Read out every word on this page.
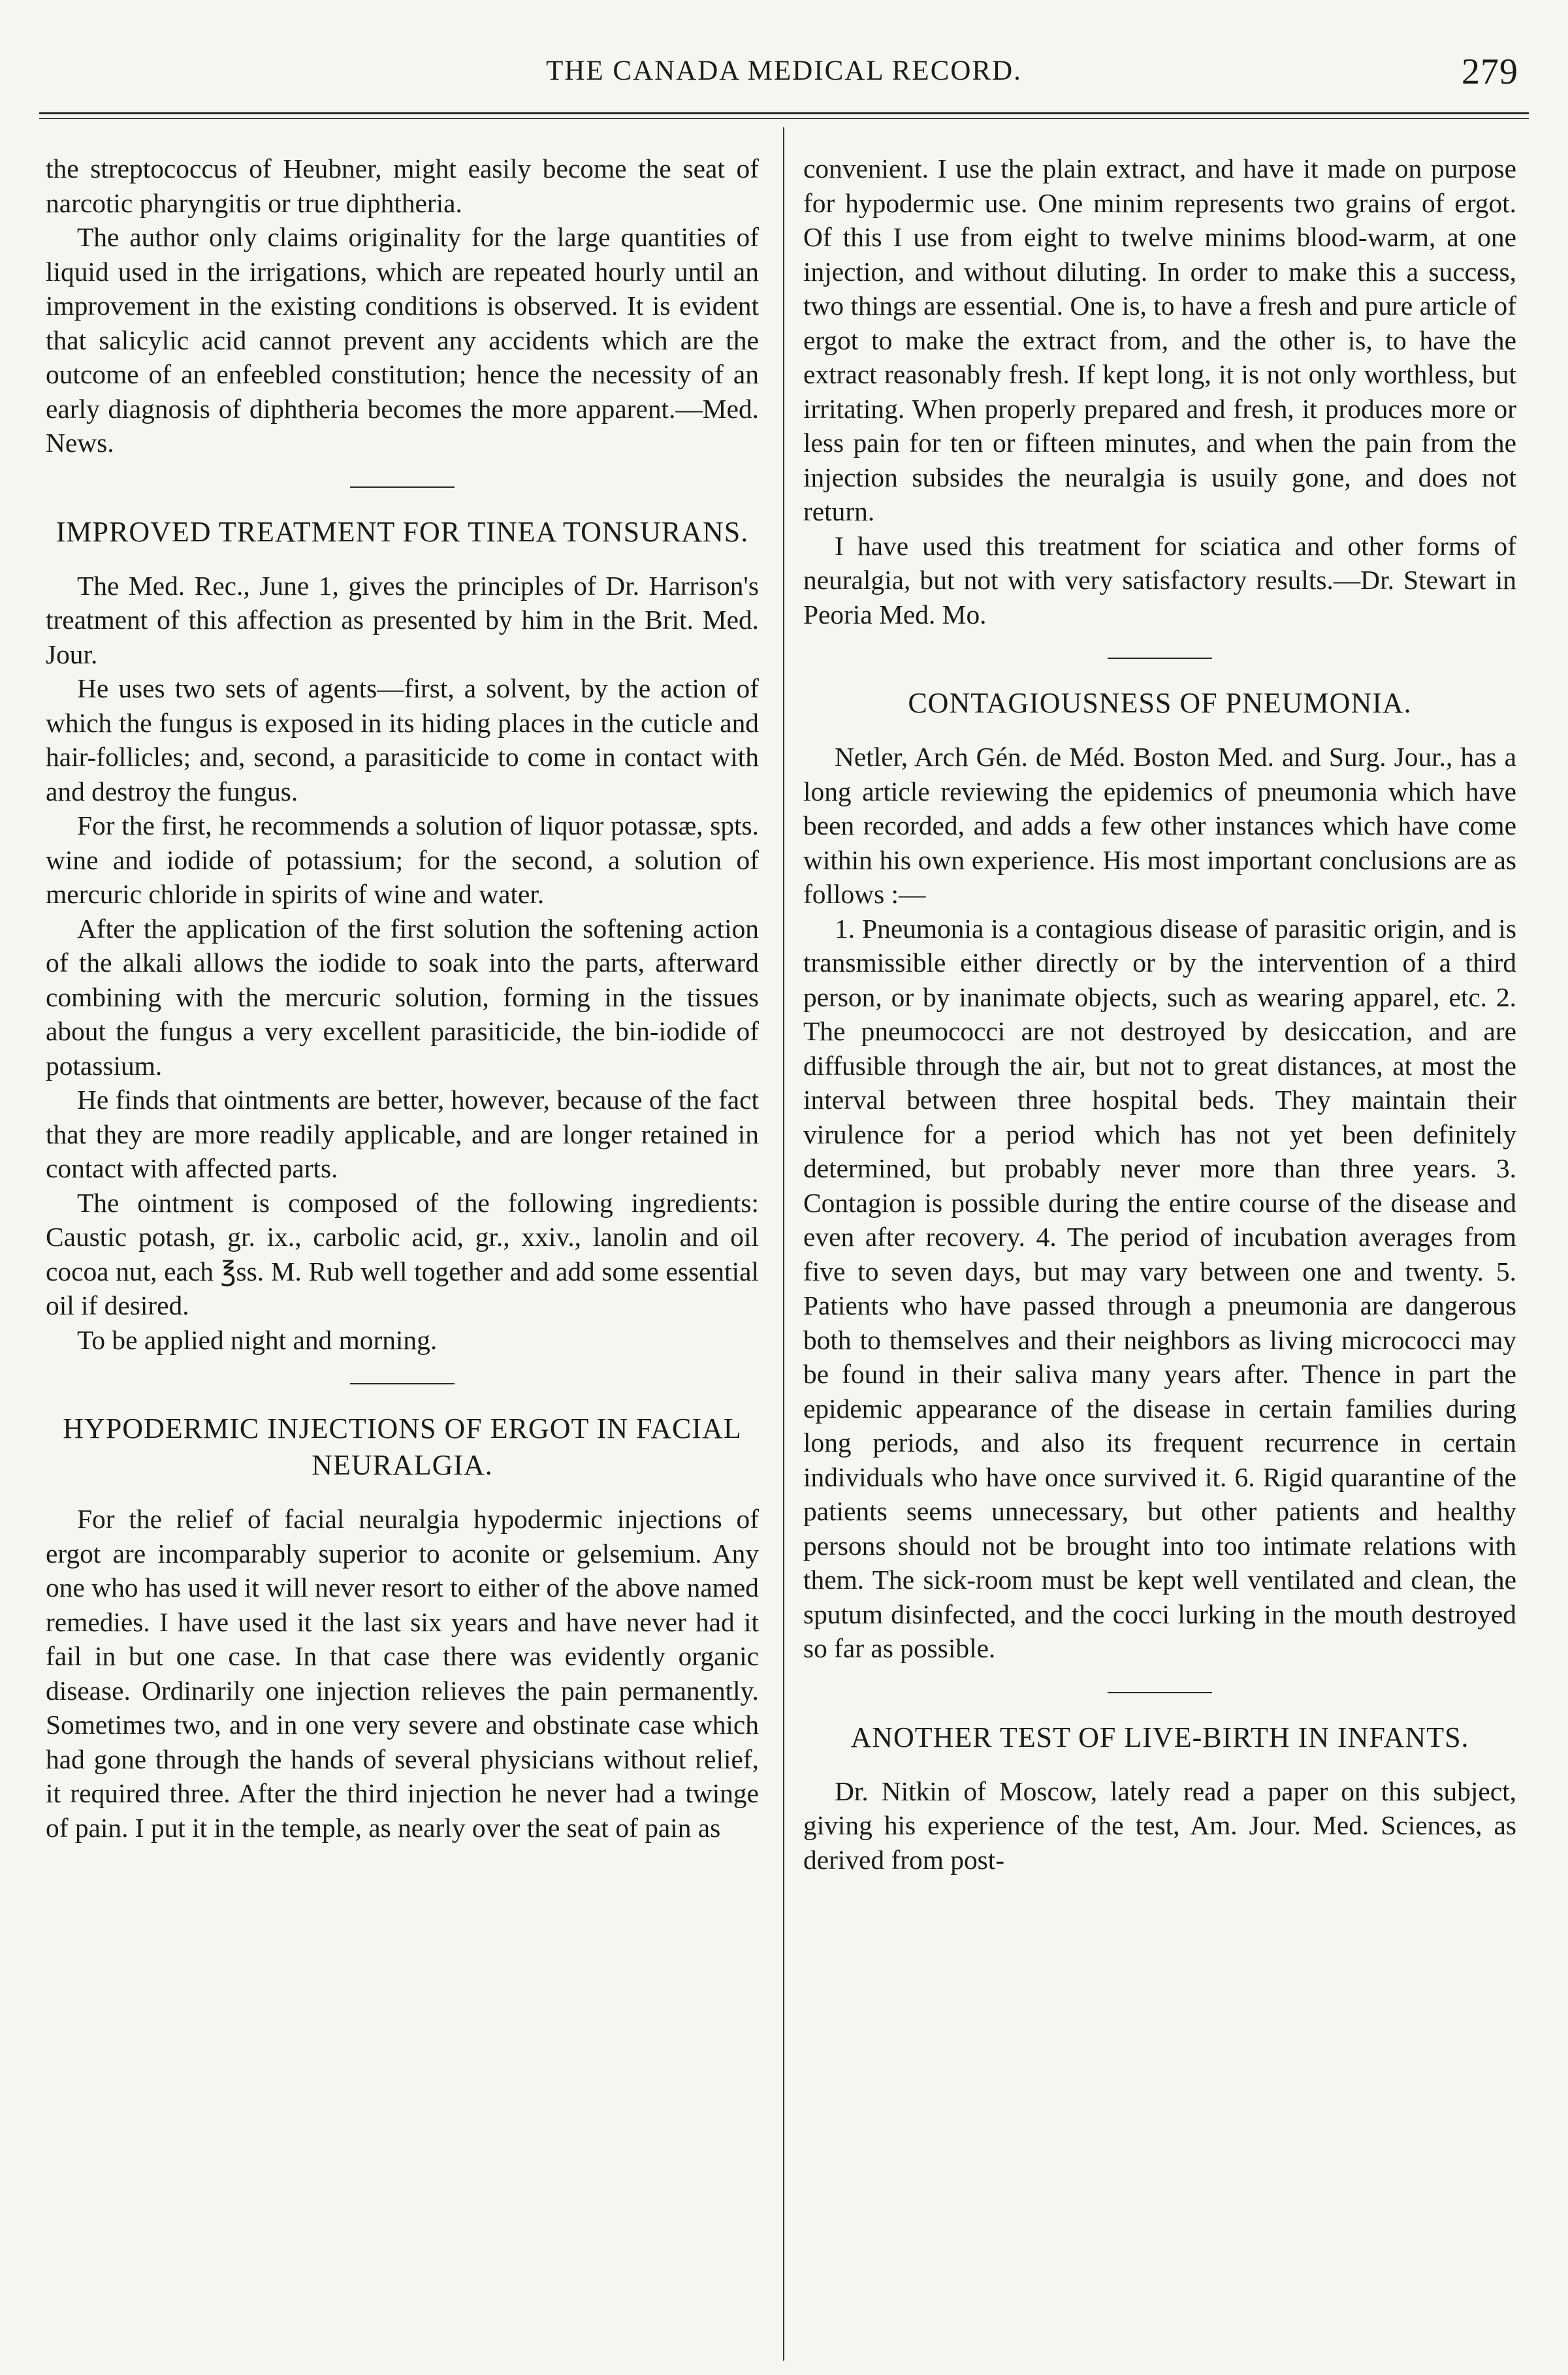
THE CANADA MEDICAL RECORD.	279

the streptococcus of Heubner, might easily become the seat of narcotic pharyngitis or true diphtheria.

The author only claims originality for the large quantities of liquid used in the irrigations, which are repeated hourly until an improvement in the existing conditions is observed. It is evident that salicylic acid cannot prevent any accidents which are the outcome of an enfeebled constitution; hence the necessity of an early diagnosis of diphtheria becomes the more apparent.—Med. News.

IMPROVED TREATMENT FOR TINEA TONSURANS.

The Med. Rec., June 1, gives the principles of Dr. Harrison's treatment of this affection as presented by him in the Brit. Med. Jour.

He uses two sets of agents—first, a solvent, by the action of which the fungus is exposed in its hiding places in the cuticle and hair-follicles; and, second, a parasiticide to come in contact with and destroy the fungus.

For the first, he recommends a solution of liquor potassæ, spts. wine and iodide of potassium; for the second, a solution of mercuric chloride in spirits of wine and water.

After the application of the first solution the softening action of the alkali allows the iodide to soak into the parts, afterward combining with the mercuric solution, forming in the tissues about the fungus a very excellent parasiticide, the bin-iodide of potassium.

He finds that ointments are better, however, because of the fact that they are more readily applicable, and are longer retained in contact with affected parts.

The ointment is composed of the following ingredients: Caustic potash, gr. ix., carbolic acid, gr., xxiv., lanolin and oil cocoa nut, each ℥ss. M. Rub well together and add some essential oil if desired.

To be applied night and morning.

HYPODERMIC INJECTIONS OF ERGOT IN FACIAL NEURALGIA.

For the relief of facial neuralgia hypodermic injections of ergot are incomparably superior to aconite or gelsemium. Any one who has used it will never resort to either of the above named remedies. I have used it the last six years and have never had it fail in but one case. In that case there was evidently organic disease. Ordinarily one injection relieves the pain permanently. Sometimes two, and in one very severe and obstinate case which had gone through the hands of several physicians without relief, it required three. After the third injection he never had a twinge of pain. I put it in the temple, as nearly over the seat of pain as

convenient. I use the plain extract, and have it made on purpose for hypodermic use. One minim represents two grains of ergot. Of this I use from eight to twelve minims blood-warm, at one injection, and without diluting. In order to make this a success, two things are essential. One is, to have a fresh and pure article of ergot to make the extract from, and the other is, to have the extract reasonably fresh. If kept long, it is not only worthless, but irritating. When properly prepared and fresh, it produces more or less pain for ten or fifteen minutes, and when the pain from the injection subsides the neuralgia is usuily gone, and does not return.

I have used this treatment for sciatica and other forms of neuralgia, but not with very satisfactory results.—Dr. Stewart in Peoria Med. Mo.

CONTAGIOUSNESS OF PNEUMONIA.

Netler, Arch Gén. de Méd. Boston Med. and Surg. Jour., has a long article reviewing the epidemics of pneumonia which have been recorded, and adds a few other instances which have come within his own experience. His most important conclusions are as follows :—

1. Pneumonia is a contagious disease of parasitic origin, and is transmissible either directly or by the intervention of a third person, or by inanimate objects, such as wearing apparel, etc. 2. The pneumococci are not destroyed by desiccation, and are diffusible through the air, but not to great distances, at most the interval between three hospital beds. They maintain their virulence for a period which has not yet been definitely determined, but probably never more than three years. 3. Contagion is possible during the entire course of the disease and even after recovery. 4. The period of incubation averages from five to seven days, but may vary between one and twenty. 5. Patients who have passed through a pneumonia are dangerous both to themselves and their neighbors as living micrococci may be found in their saliva many years after. Thence in part the epidemic appearance of the disease in certain families during long periods, and also its frequent recurrence in certain individuals who have once survived it. 6. Rigid quarantine of the patients seems unnecessary, but other patients and healthy persons should not be brought into too intimate relations with them. The sick-room must be kept well ventilated and clean, the sputum disinfected, and the cocci lurking in the mouth destroyed so far as possible.

ANOTHER TEST OF LIVE-BIRTH IN INFANTS.

Dr. Nitkin of Moscow, lately read a paper on this subject, giving his experience of the test, Am. Jour. Med. Sciences, as derived from post-
